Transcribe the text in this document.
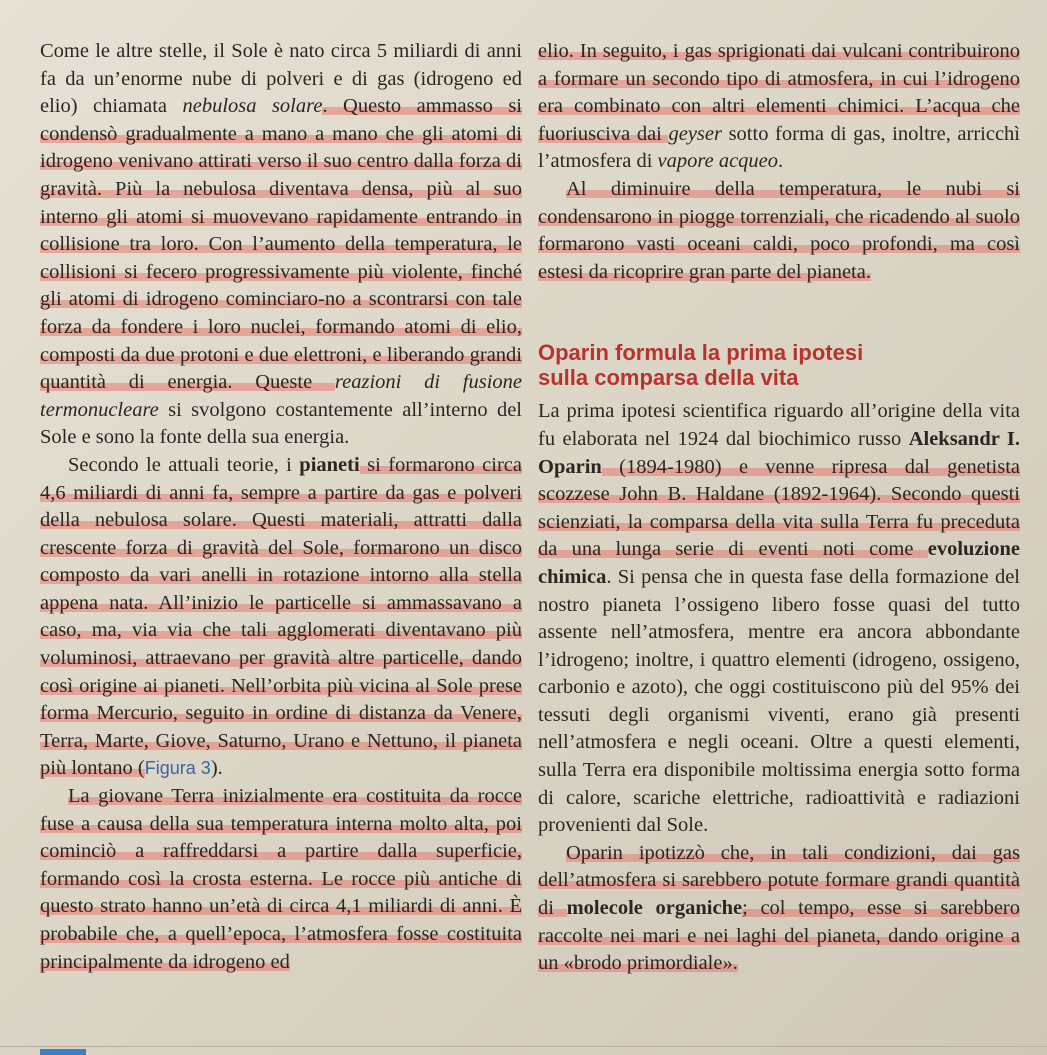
Come le altre stelle, il Sole è nato circa 5 miliardi di anni fa da un’enorme nube di polveri e di gas (idrogeno ed elio) chiamata nebulosa solare. Questo ammasso si condensò gradualmente a mano a mano che gli atomi di idrogeno venivano attirati verso il suo centro dalla forza di gravità. Più la nebulosa diventava densa, più al suo interno gli atomi si muovevano rapidamente entrando in collisione tra loro. Con l’aumento della temperatura, le collisioni si fecero progressivamente più violente, finché gli atomi di idrogeno cominciaro-no a scontrarsi con tale forza da fondere i loro nuclei, formando atomi di elio, composti da due protoni e due elettroni, e liberando grandi quantità di energia. Queste reazioni di fusione termonucleare si svolgono costantemente all’interno del Sole e sono la fonte della sua energia.

Secondo le attuali teorie, i pianeti si formarono circa 4,6 miliardi di anni fa, sempre a partire da gas e polveri della nebulosa solare. Questi materiali, attratti dalla crescente forza di gravità del Sole, formarono un disco composto da vari anelli in rotazione intorno alla stella appena nata. All’inizio le particelle si ammassavano a caso, ma, via via che tali agglomerati diventavano più voluminosi, attraevano per gravità altre particelle, dando così origine ai pianeti. Nell’orbita più vicina al Sole prese forma Mercurio, seguito in ordine di distanza da Venere, Terra, Marte, Giove, Saturno, Urano e Nettuno, il pianeta più lontano (Figura 3).

La giovane Terra inizialmente era costituita da rocce fuse a causa della sua temperatura interna molto alta, poi cominciò a raffreddarsi a partire dalla superficie, formando così la crosta esterna. Le rocce più antiche di questo strato hanno un’età di circa 4,1 miliardi di anni. È probabile che, a quell’epoca, l’atmosfera fosse costituita principalmente da idrogeno ed

elio. In seguito, i gas sprigionati dai vulcani contribuirono a formare un secondo tipo di atmosfera, in cui l’idrogeno era combinato con altri elementi chimici. L’acqua che fuoriusciva dai geyser sotto forma di gas, inoltre, arricchì l’atmosfera di vapore acqueo.

Al diminuire della temperatura, le nubi si condensarono in piogge torrenziali, che ricadendo al suolo formarono vasti oceani caldi, poco profondi, ma così estesi da ricoprire gran parte del pianeta.

Oparin formula la prima ipotesi
sulla comparsa della vita

La prima ipotesi scientifica riguardo all’origine della vita fu elaborata nel 1924 dal biochimico russo Aleksandr I. Oparin (1894-1980) e venne ripresa dal genetista scozzese John B. Haldane (1892-1964). Secondo questi scienziati, la comparsa della vita sulla Terra fu preceduta da una lunga serie di eventi noti come evoluzione chimica. Si pensa che in questa fase della formazione del nostro pianeta l’ossigeno libero fosse quasi del tutto assente nell’atmosfera, mentre era ancora abbondante l’idrogeno; inoltre, i quattro elementi (idrogeno, ossigeno, carbonio e azoto), che oggi costituiscono più del 95% dei tessuti degli organismi viventi, erano già presenti nell’atmosfera e negli oceani. Oltre a questi elementi, sulla Terra era disponibile moltissima energia sotto forma di calore, scariche elettriche, radioattività e radiazioni provenienti dal Sole.

Oparin ipotizzò che, in tali condizioni, dai gas dell’atmosfera si sarebbero potute formare grandi quantità di molecole organiche; col tempo, esse si sarebbero raccolte nei mari e nei laghi del pianeta, dando origine a un «brodo primordiale».
